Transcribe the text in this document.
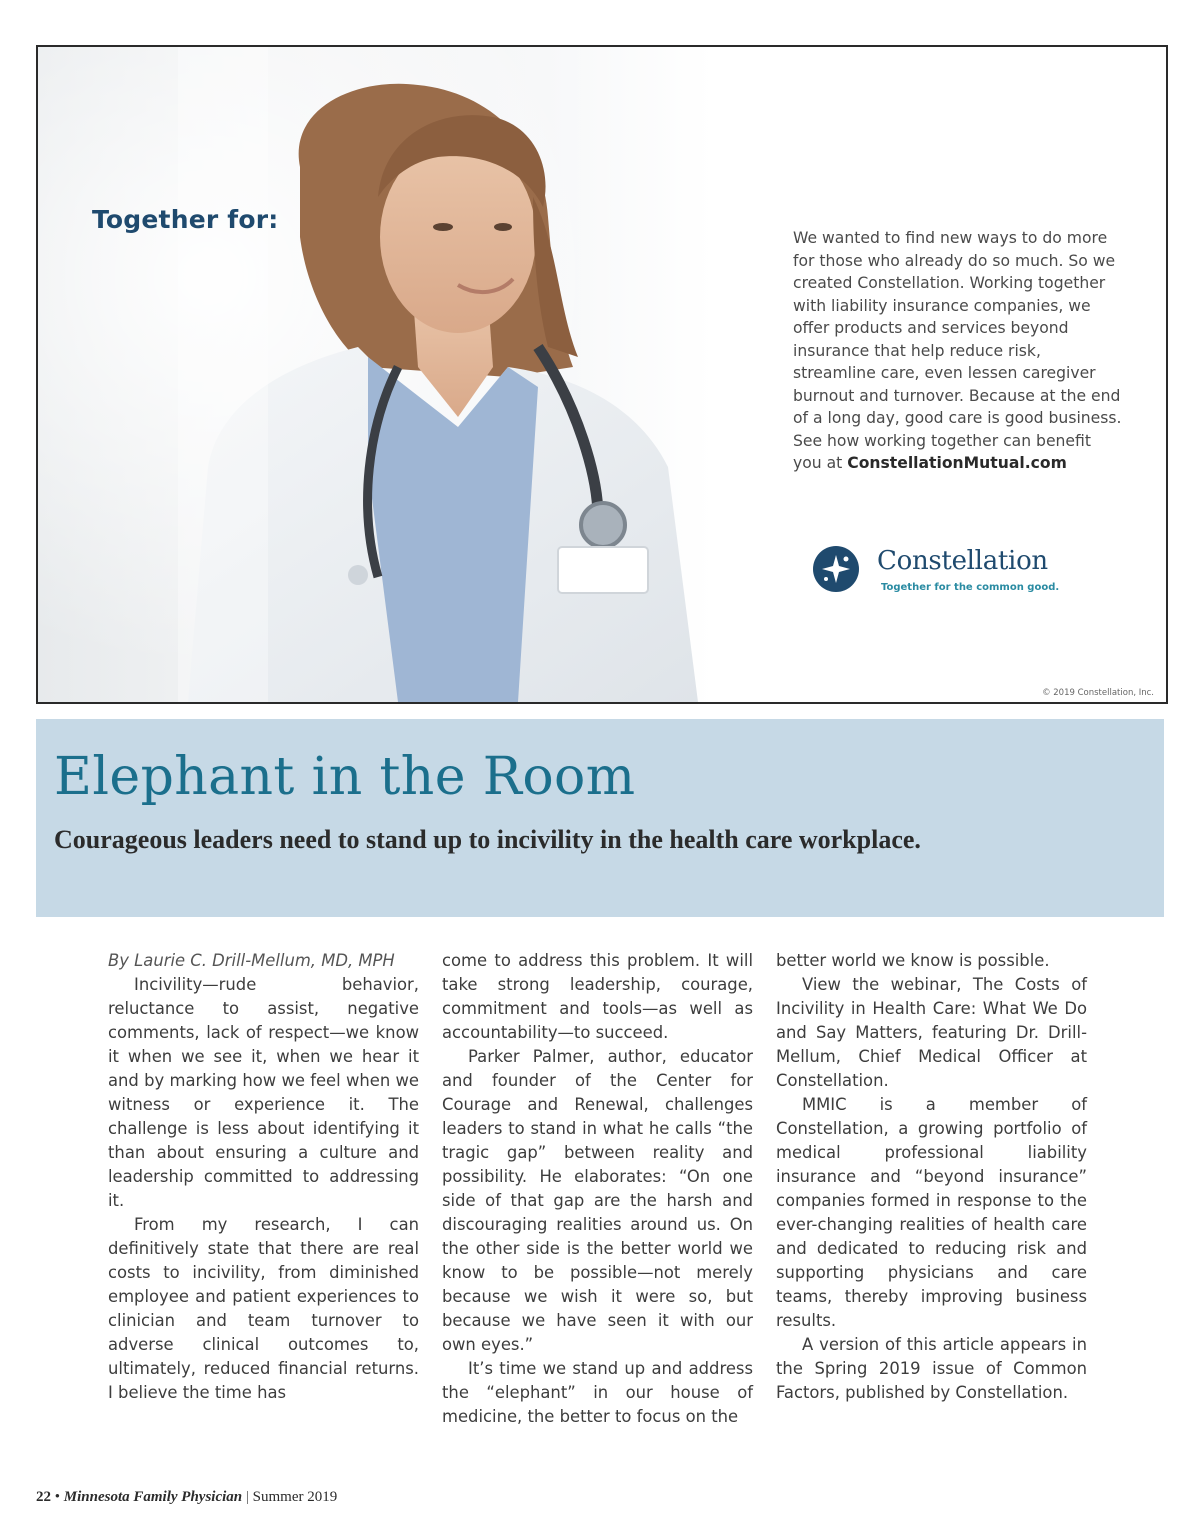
Together for:
We wanted to find new ways to do more for those who already do so much. So we created Constellation. Working together with liability insurance companies, we offer products and services beyond insurance that help reduce risk, streamline care, even lessen caregiver burnout and turnover. Because at the end of a long day, good care is good business. See how working together can benefit you at ConstellationMutual.com
Constellation
Together for the common good.
© 2019 Constellation, Inc.
Elephant in the Room
Courageous leaders need to stand up to incivility in the health care workplace.

By Laurie C. Drill-Mellum, MD, MPH

Incivility—rude behavior, reluctance to assist, negative comments, lack of respect—we know it when we see it, when we hear it and by marking how we feel when we witness or experience it. The challenge is less about identifying it than about ensuring a culture and leadership committed to addressing it.

From my research, I can definitively state that there are real costs to incivility, from diminished employee and patient experiences to clinician and team turnover to adverse clinical outcomes to, ultimately, reduced financial returns. I believe the time has

come to address this problem. It will take strong leadership, courage, commitment and tools—as well as accountability—to succeed.

Parker Palmer, author, educator and founder of the Center for Courage and Renewal, challenges leaders to stand in what he calls “the tragic gap” between reality and possibility. He elaborates: “On one side of that gap are the harsh and discouraging realities around us. On the other side is the better world we know to be possible—not merely because we wish it were so, but because we have seen it with our own eyes.”

It’s time we stand up and address the “elephant” in our house of medicine, the better to focus on the

better world we know is possible.

View the webinar, The Costs of Incivility in Health Care: What We Do and Say Matters, featuring Dr. Drill-Mellum, Chief Medical Officer at Constellation.

MMIC is a member of Constellation, a growing portfolio of medical professional liability insurance and “beyond insurance” companies formed in response to the ever-changing realities of health care and dedicated to reducing risk and supporting physicians and care teams, thereby improving business results.

A version of this article appears in the Spring 2019 issue of Common Factors, published by Constellation.

22 • Minnesota Family Physician | Summer 2019
